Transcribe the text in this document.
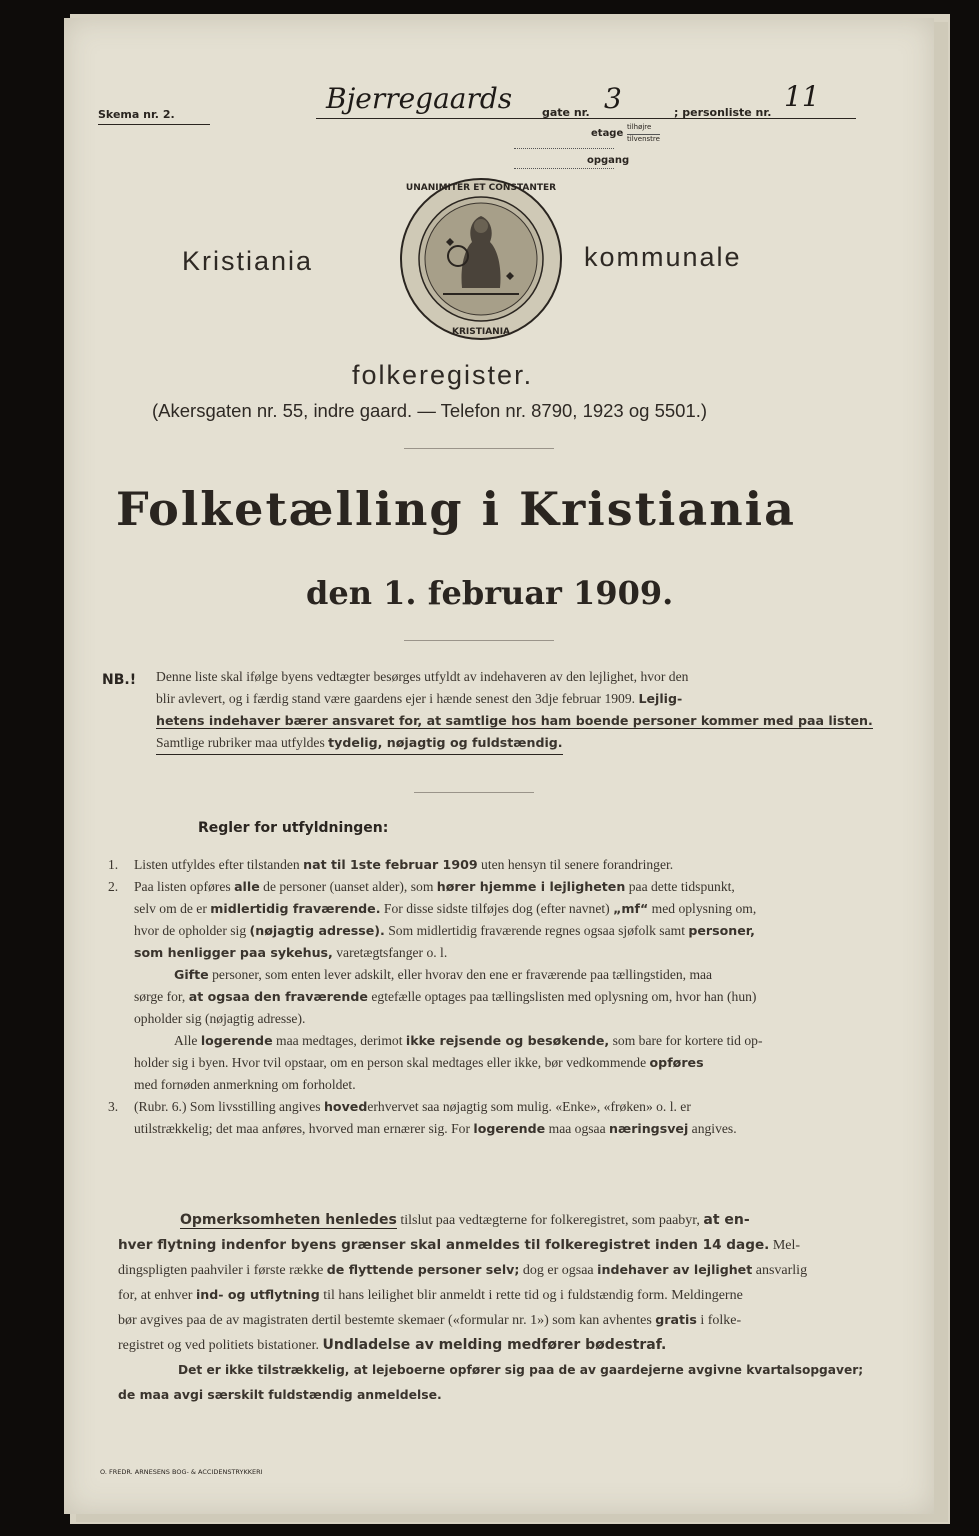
Skema nr. 2.	Bjerregaards	gate nr. 3	; personliste nr. 11
etage
tilhøjre
tilvenstre
opgang
UNANIMITER ET CONSTANTER
KRISTIANIA
Kristiania	kommunale
folkeregister.
(Akersgaten nr. 55, indre gaard. — Telefon nr. 8790, 1923 og 5501.)
Folketælling i Kristiania
den 1. februar 1909.
NB.! Denne liste skal ifølge byens vedtægter besørges utfyldt av indehaveren av den lejlighet, hvor den
blir avlevert, og i færdig stand være gaardens ejer i hænde senest den 3dje februar 1909. Lejlig-
hetens indehaver bærer ansvaret for, at samtlige hos ham boende personer kommer med paa listen.
Samtlige rubriker maa utfyldes tydelig, nøjagtig og fuldstændig.
Regler for utfyldningen:
1. Listen utfyldes efter tilstanden nat til 1ste februar 1909 uten hensyn til senere forandringer.
2. Paa listen opføres alle de personer (uanset alder), som hører hjemme i lejligheten paa dette tidspunkt,
selv om de er midlertidig fraværende. For disse sidste tilføjes dog (efter navnet) „mf“ med oplysning om,
hvor de opholder sig (nøjagtig adresse). Som midlertidig fraværende regnes ogsaa sjøfolk samt personer,
som henligger paa sykehus, varetægtsfanger o. l.
Gifte personer, som enten lever adskilt, eller hvorav den ene er fraværende paa tællingstiden, maa
sørge for, at ogsaa den fraværende egtefælle optages paa tællingslisten med oplysning om, hvor han (hun)
opholder sig (nøjagtig adresse).
Alle logerende maa medtages, derimot ikke rejsende og besøkende, som bare for kortere tid op-
holder sig i byen. Hvor tvil opstaar, om en person skal medtages eller ikke, bør vedkommende opføres
med fornøden anmerkning om forholdet.
3. (Rubr. 6.) Som livsstilling angives hovederhvervet saa nøjagtig som mulig. «Enke», «frøken» o. l. er
utilstrækkelig; det maa anføres, hvorved man ernærer sig. For logerende maa ogsaa næringsvej angives.
Opmerksomheten henledes tilslut paa vedtægterne for folkeregistret, som paabyr, at en-
hver flytning indenfor byens grænser skal anmeldes til folkeregistret inden 14 dage. Mel-
dingspligten paahviler i første række de flyttende personer selv; dog er ogsaa indehaver av lejlighet ansvarlig
for, at enhver ind- og utflytning til hans leilighet blir anmeldt i rette tid og i fuldstændig form. Meldingerne
bør avgives paa de av magistraten dertil bestemte skemaer («formular nr. 1») som kan avhentes gratis i folke-
registret og ved politiets bistationer. Undladelse av melding medfører bødestraf.
Det er ikke tilstrækkelig, at lejeboerne opfører sig paa de av gaardejerne avgivne kvartalsopgaver;
de maa avgi særskilt fuldstændig anmeldelse.
O. FREDR. ARNESENS BOG- & ACCIDENSTRYKKERI
